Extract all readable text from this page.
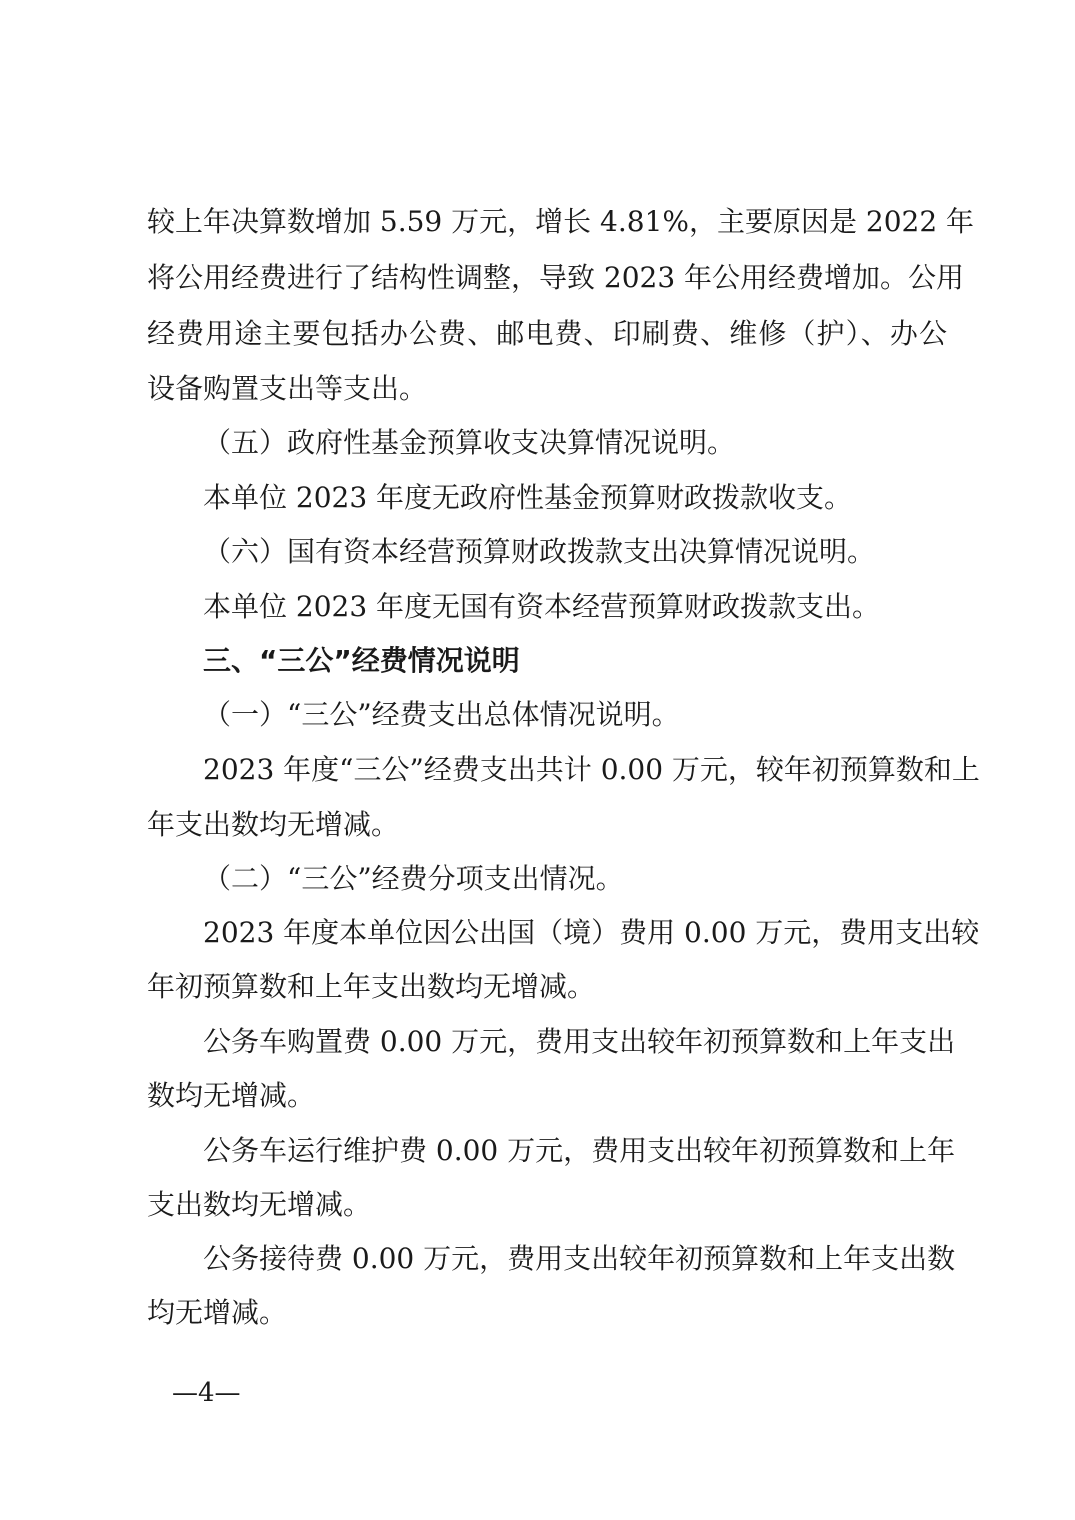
较上年决算数增加 5.59 万元，增长 4.81%，主要原因是 2022 年
将公用经费进行了结构性调整，导致 2023 年公用经费增加。公用
经费用途主要包括办公费、邮电费、印刷费、维修（护）、办公
设备购置支出等支出。
（五）政府性基金预算收支决算情况说明。
本单位 2023 年度无政府性基金预算财政拨款收支。
（六）国有资本经营预算财政拨款支出决算情况说明。
本单位 2023 年度无国有资本经营预算财政拨款支出。
三、“三公”经费情况说明
（一）“三公”经费支出总体情况说明。
2023 年度“三公”经费支出共计 0.00 万元，较年初预算数和上
年支出数均无增减。
（二）“三公”经费分项支出情况。
2023 年度本单位因公出国（境）费用 0.00 万元，费用支出较
年初预算数和上年支出数均无增减。
公务车购置费 0.00 万元，费用支出较年初预算数和上年支出
数均无增减。
公务车运行维护费 0.00 万元，费用支出较年初预算数和上年
支出数均无增减。
公务接待费 0.00 万元，费用支出较年初预算数和上年支出数
均无增减。
—4—
